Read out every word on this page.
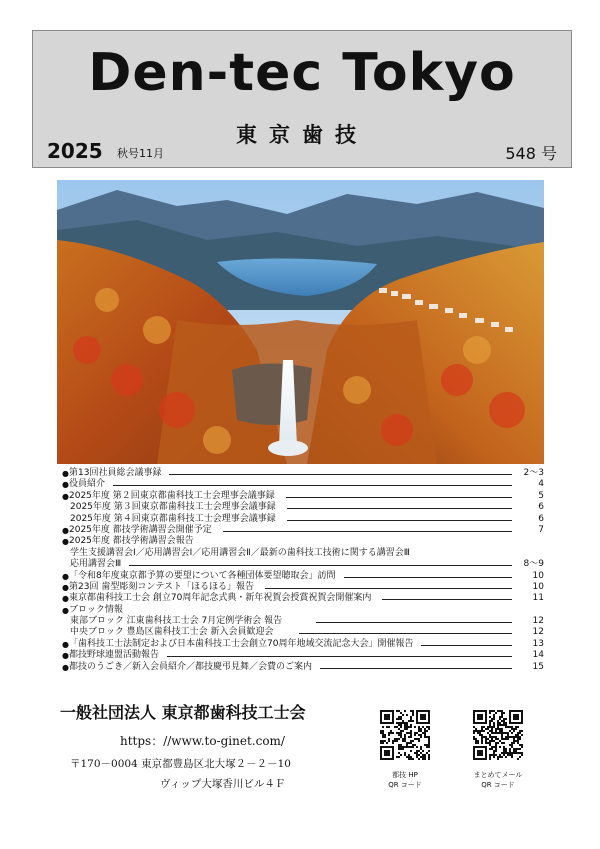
Den-tec Tokyo
東京歯技
2025 秋号11月	548 号
● 第13回社員総会議事録	2～3
● 役員紹介	4
● 2025年度 第２回東京都歯科技工士会理事会議事録	5
2025年度 第３回東京都歯科技工士会理事会議事録	6
2025年度 第４回東京都歯科技工士会理事会議事録	6
● 2025年度 都技学術講習会開催予定	7
● 2025年度 都技学術講習会報告
学生支援講習会Ⅰ／応用講習会Ⅰ／応用講習会Ⅱ／最新の歯科技工技術に関する講習会Ⅲ
応用講習会Ⅲ	8～9
● 「令和8年度東京都予算の要望について各種団体要望聴取会」訪問	10
● 第23回 歯型彫刻コンテスト「ほるほる」報告	10
● 東京都歯科技工士会 創立70周年記念式典・新年祝賀会授賞祝賀会開催案内	11
● ブロック情報
東部ブロック 江東歯科技工士会 7月定例学術会 報告	12
中央ブロック 豊島区歯科技工士会 新入会員歓迎会	12
● 「歯科技工士法制定および日本歯科技工士会創立70周年地域交流記念大会」開催報告	13
● 都技野球連盟活動報告	14
● 都技のうごき／新入会員紹介／都技慶弔見舞／会費のご案内	15
一般社団法人 東京都歯科技工士会
https：//www.to-ginet.com/
〒170－0004 東京都豊島区北大塚２－２－10
ヴィップ大塚香川ビル４Ｆ
都技 HP
QR コード
まとめてメール
QR コード
